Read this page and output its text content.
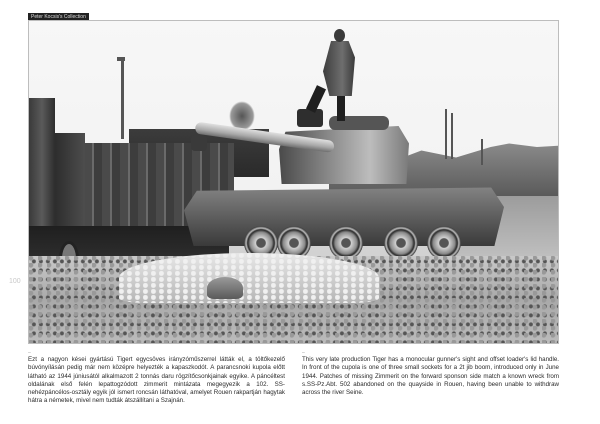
Peter Kocsis's Collection
100
–
Ezt a nagyon kései gyártású Tigert egycsöves irányzóműszerrel látták el, a töltőkezelő búvónyílásán pedig már nem középre helyezték a kapaszkodót. A parancsnoki kupola előtt látható az 1944 júniusától alkalmazott 2 tonnás daru rögzítőcsonkjainak egyike. A páncéltest oldalának első felén lepattogzódott zimmerit mintázata megegyezik a 102. SS-nehézpáncélos-osztály egyik jól ismert roncsán láthatóval, amelyet Rouen rakpartján hagytak hátra a németek, mivel nem tudták átszállítani a Szajnán.
–
This very late production Tiger has a monocular gunner's sight and offset loader's lid handle. In front of the cupola is one of three small sockets for a 2t jib boom, introduced only in June 1944. Patches of missing Zimmerit on the forward sponson side match a known wreck from s.SS-Pz.Abt. 502 abandoned on the quayside in Rouen, having been unable to withdraw across the river Seine.
